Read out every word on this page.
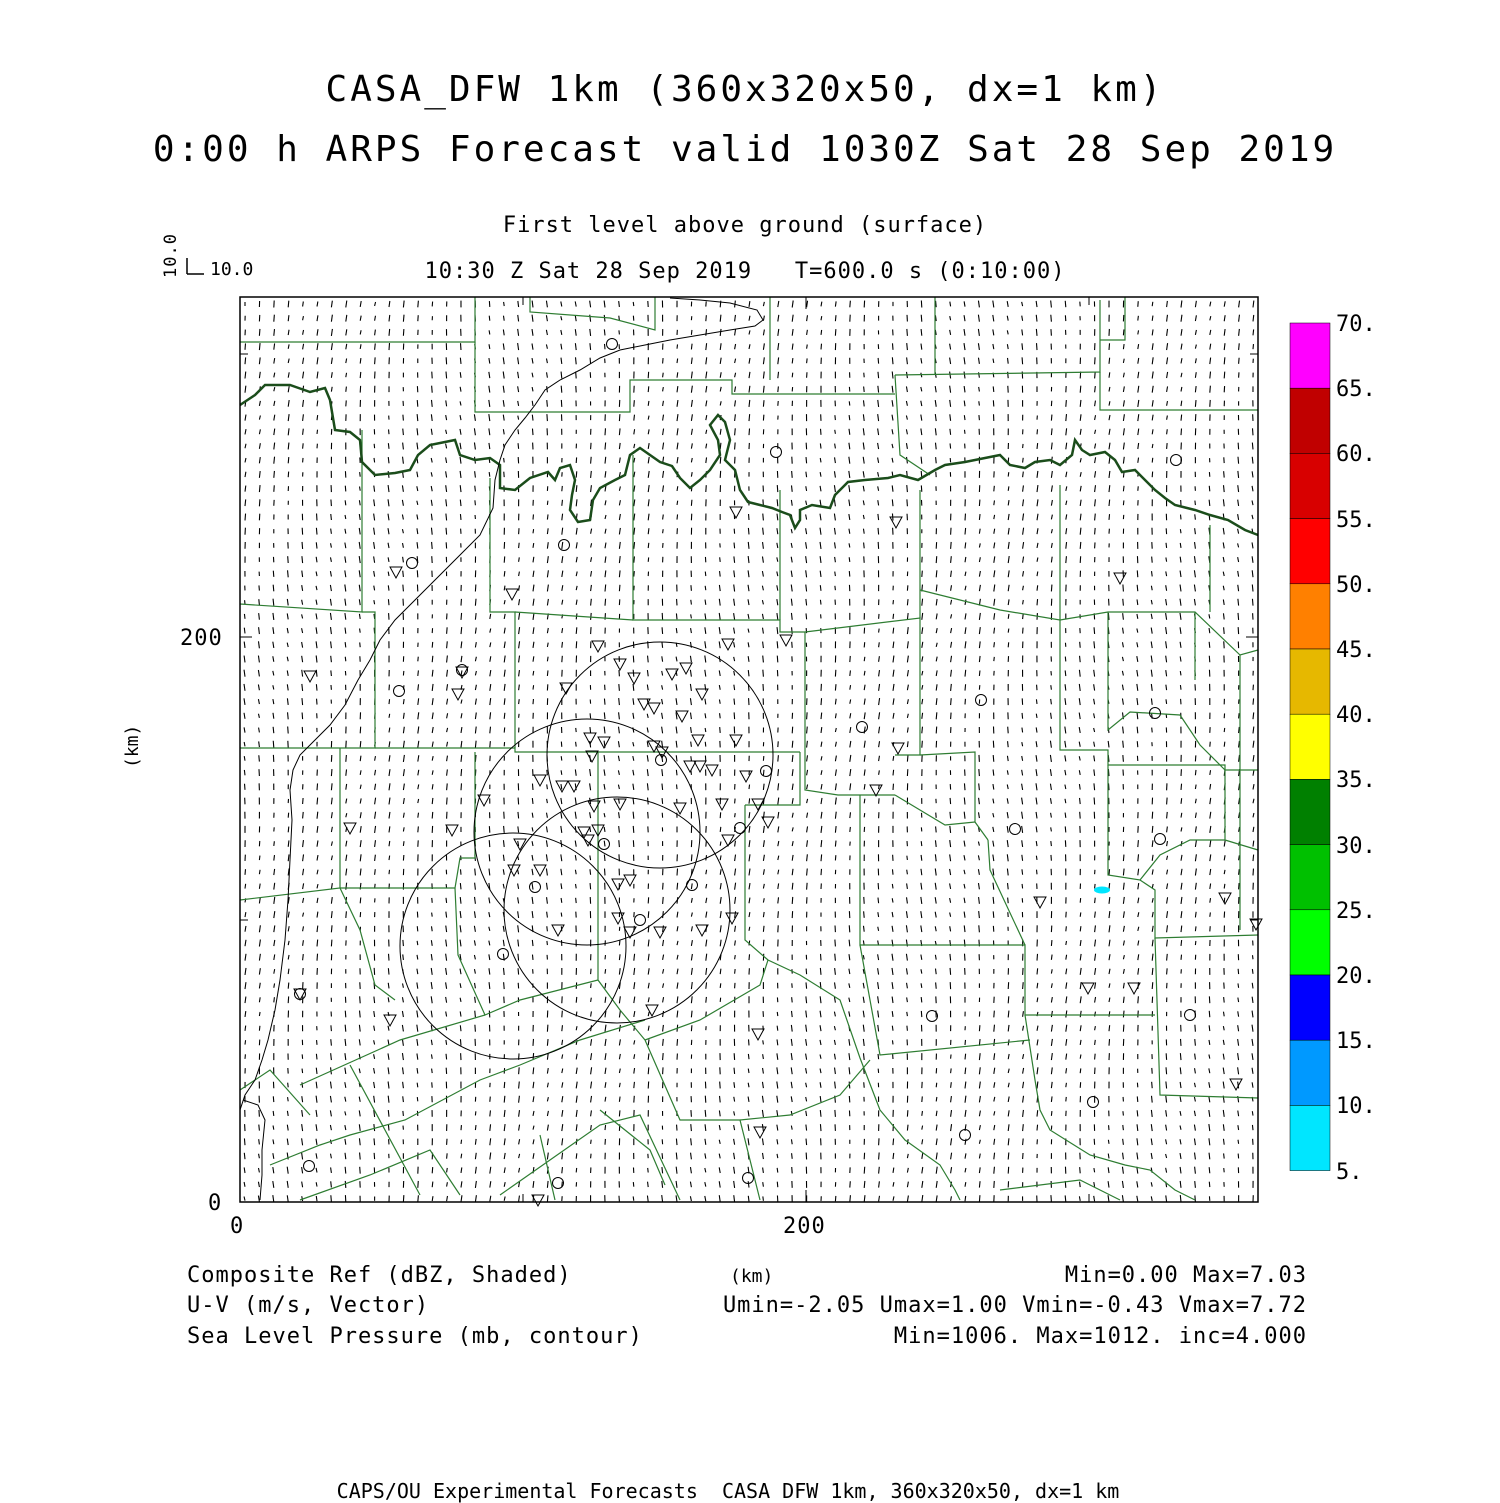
CASA_DFW 1km (360x320x50, dx=1 km)
0:00 h ARPS Forecast valid 1030Z Sat 28 Sep 2019
First level above ground (surface)
10:30 Z Sat 28 Sep 2019   T=600.0 s (0:10:00)
10.0 10.0
0	200
0
200
(km)
70.
65.
60.
55.
50.
45.
40.
35.
30.
25.
20.
15.
10.
5.
Composite Ref (dBZ, Shaded)	(km)	Min=0.00 Max=7.03
U-V (m/s, Vector)	Umin=-2.05 Umax=1.00 Vmin=-0.43 Vmax=7.72
Sea Level Pressure (mb, contour)	Min=1006. Max=1012. inc=4.000
CAPS/OU Experimental Forecasts  CASA DFW 1km, 360x320x50, dx=1 km
